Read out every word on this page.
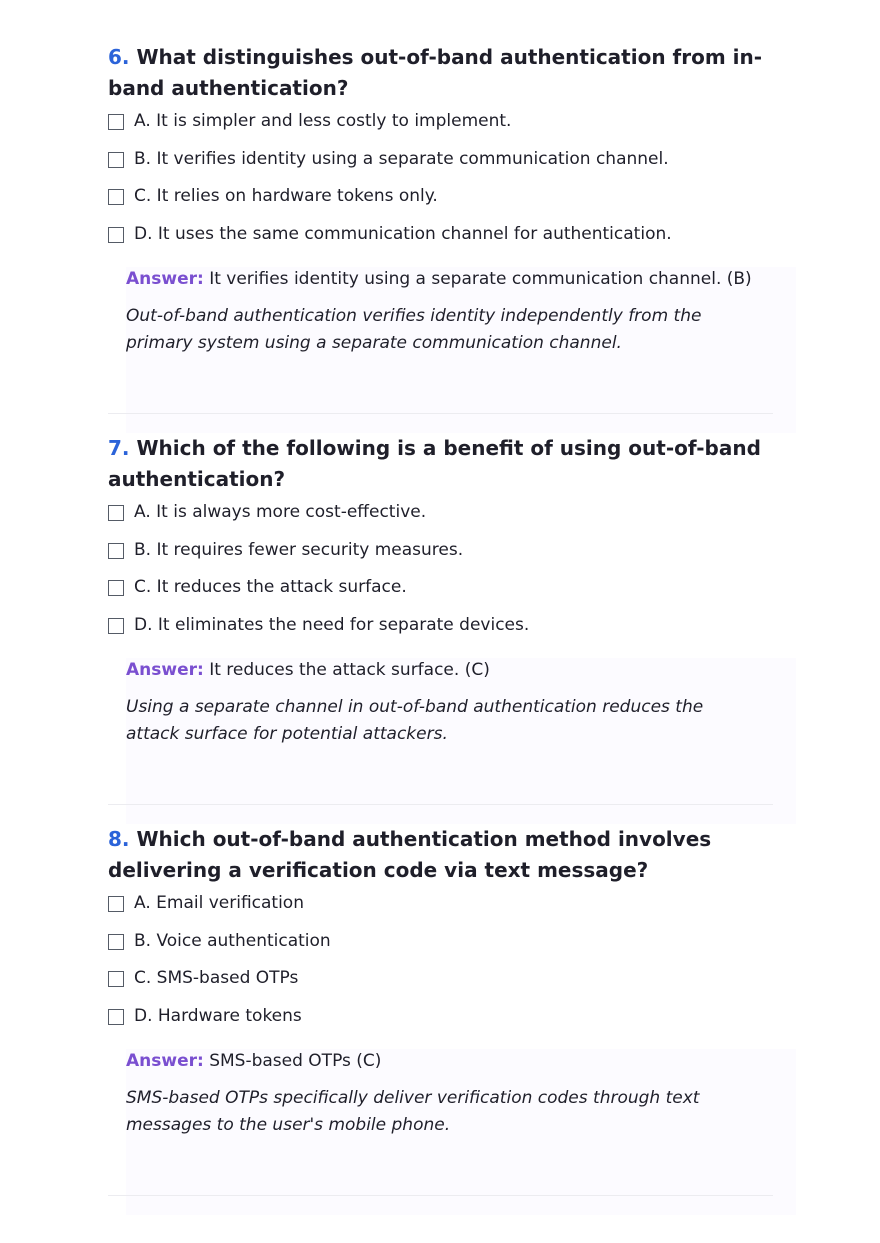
6. What distinguishes out-of-band authentication from in-band authentication?
A. It is simpler and less costly to implement.
B. It verifies identity using a separate communication channel.
C. It relies on hardware tokens only.
D. It uses the same communication channel for authentication.
Answer: It verifies identity using a separate communication channel. (B)

Out-of-band authentication verifies identity independently from the primary system using a separate communication channel.

7. Which of the following is a benefit of using out-of-band authentication?
A. It is always more cost-effective.
B. It requires fewer security measures.
C. It reduces the attack surface.
D. It eliminates the need for separate devices.
Answer: It reduces the attack surface. (C)

Using a separate channel in out-of-band authentication reduces the attack surface for potential attackers.

8. Which out-of-band authentication method involves delivering a verification code via text message?
A. Email verification
B. Voice authentication
C. SMS-based OTPs
D. Hardware tokens
Answer: SMS-based OTPs (C)

SMS-based OTPs specifically deliver verification codes through text messages to the user's mobile phone.
